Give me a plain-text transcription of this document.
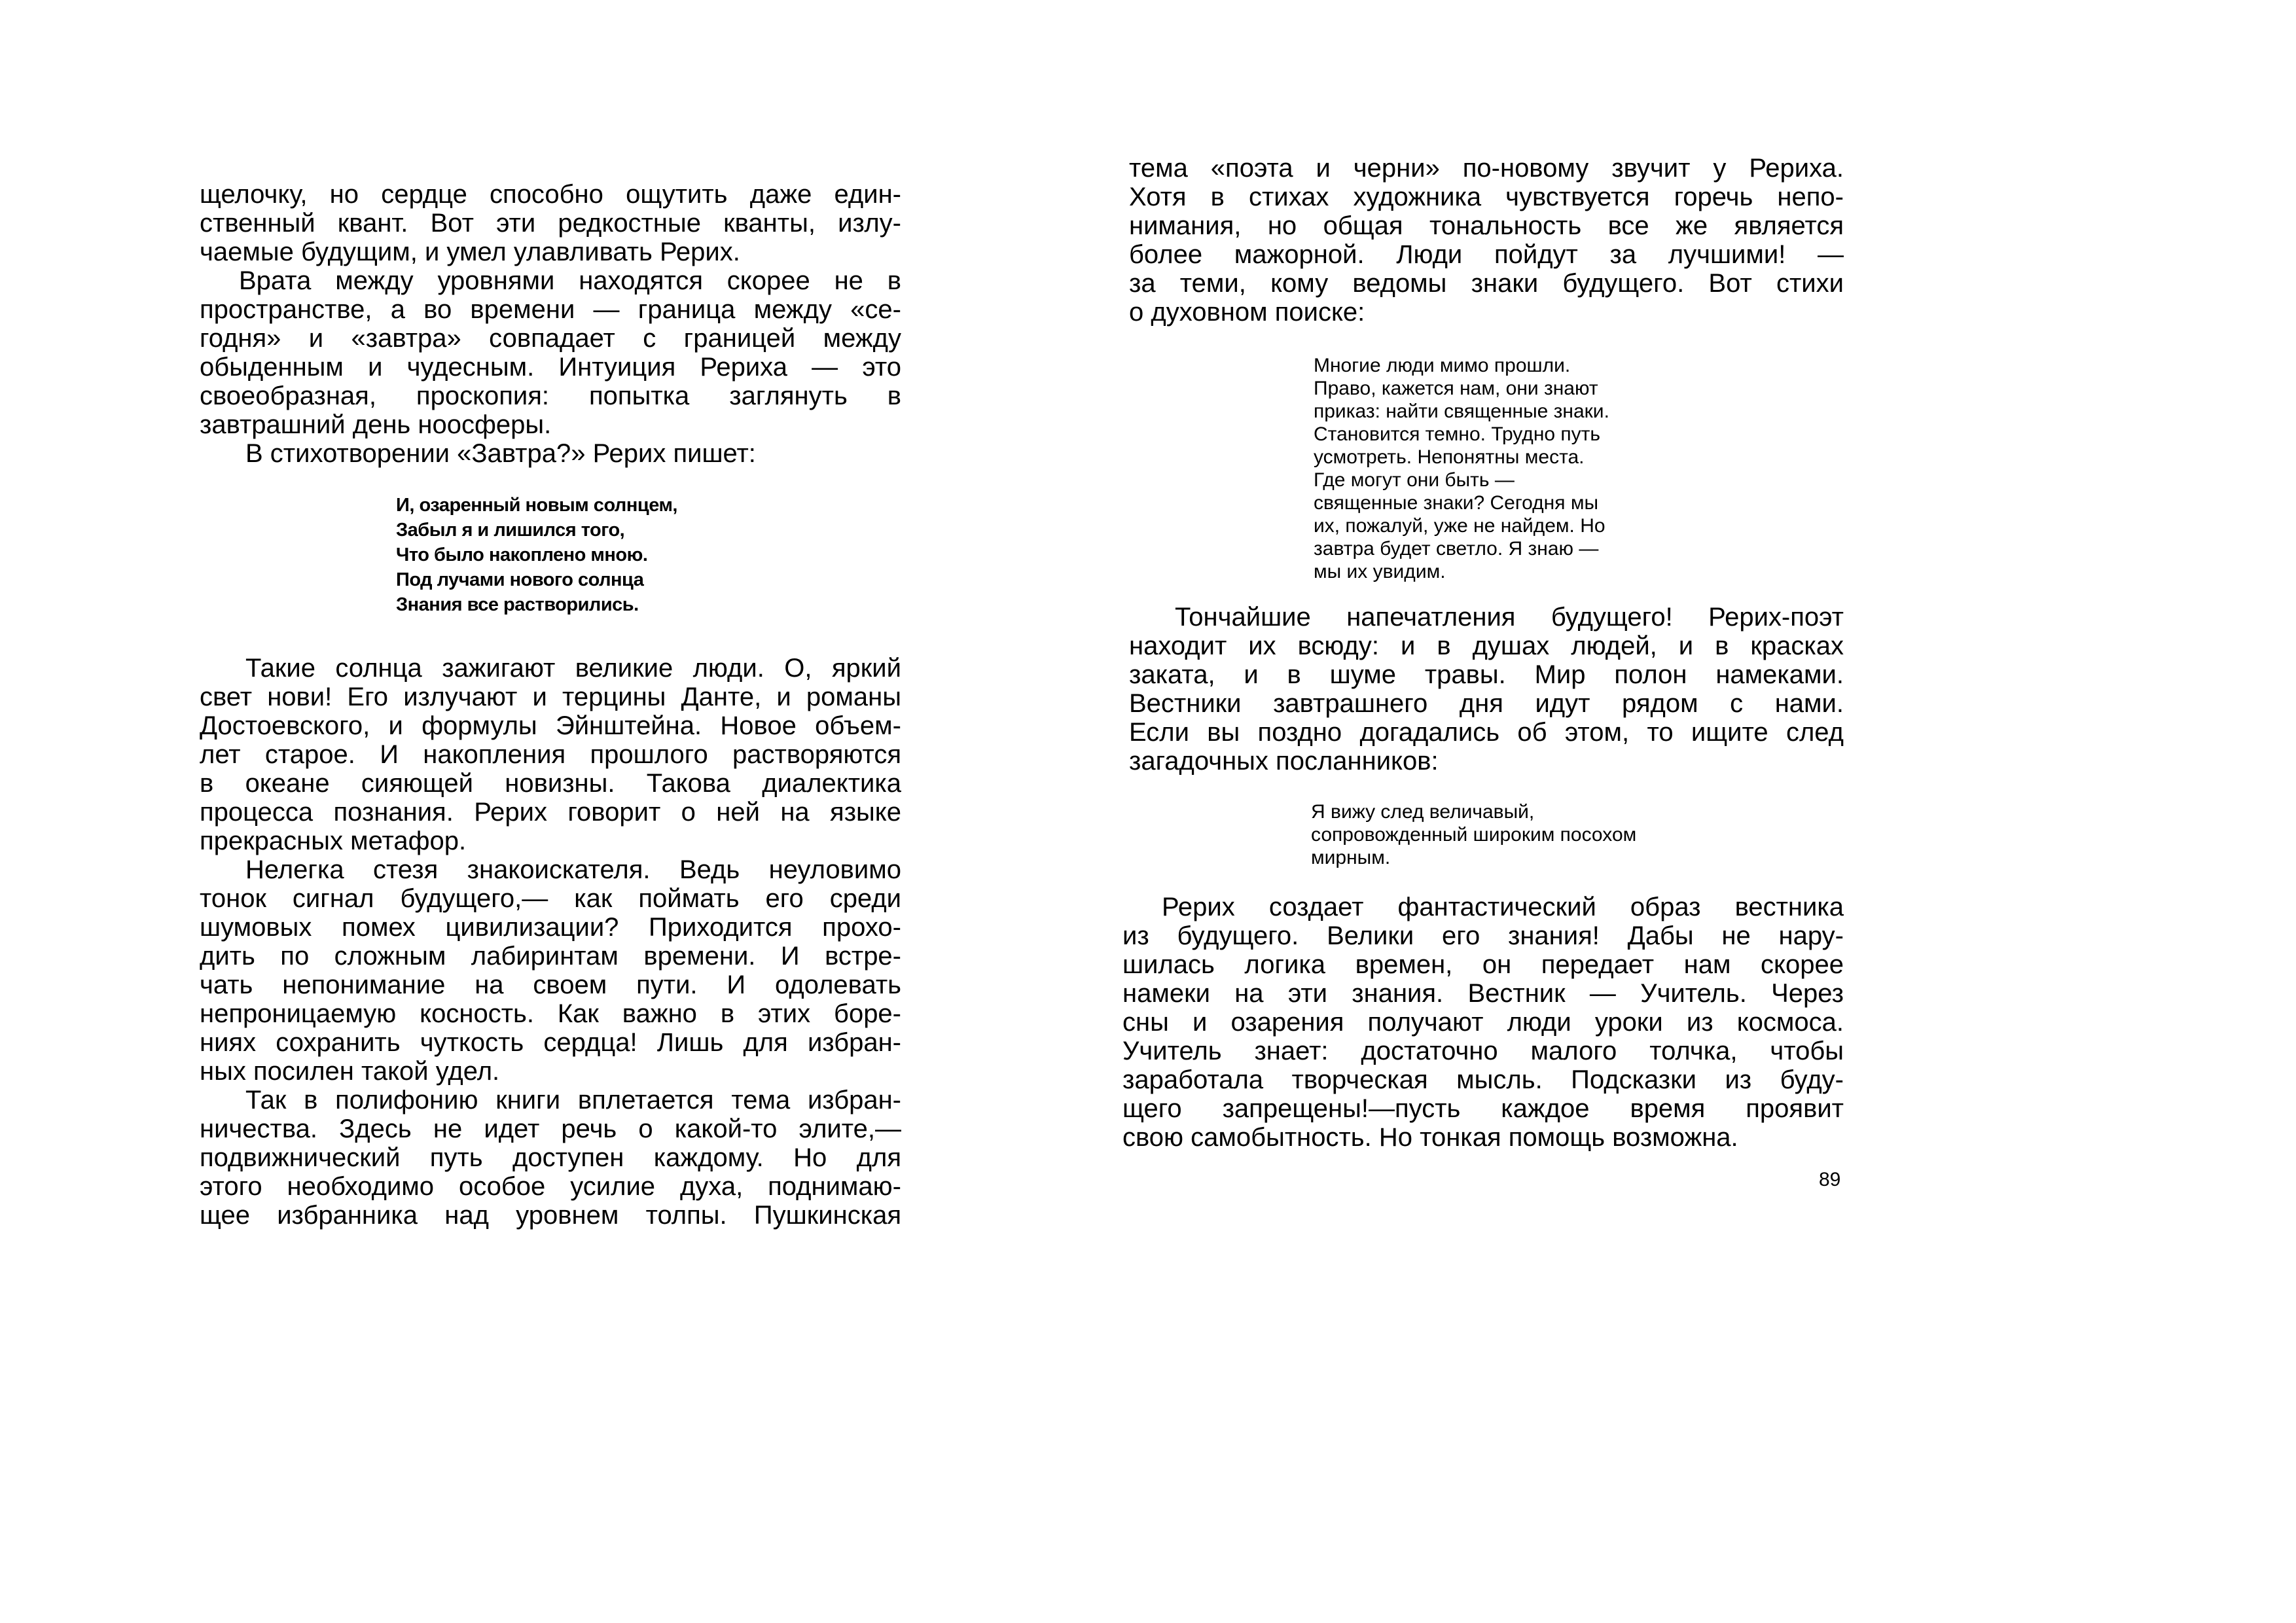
щелочку, но сердце способно ощутить даже един-
ственный квант. Вот эти редкостные кванты, излу-
чаемые будущим, и умел улавливать Рерих.
Врата между уровнями находятся скорее не в
пространстве, а во времени — граница между «се-
годня» и «завтра» совпадает с границей между
обыденным и чудесным. Интуиция Рериха — это
своеобразная, проскопия: попытка заглянуть в
завтрашний день ноосферы.
В стихотворении «Завтра?» Рерих пишет:
И, озаренный новым солнцем,
Забыл я и лишился того,
Что было накоплено мною.
Под лучами нового солнца
Знания все растворились.
Такие солнца зажигают великие люди. О, яркий
свет нови! Его излучают и терцины Данте, и романы
Достоевского, и формулы Эйнштейна. Новое объем-
лет старое. И накопления прошлого растворяются
в океане сияющей новизны. Такова диалектика
процесса познания. Рерих говорит о ней на языке
прекрасных метафор.
Нелегка стезя знакоискателя. Ведь неуловимо
тонок сигнал будущего,— как поймать его среди
шумовых помех цивилизации? Приходится прохо-
дить по сложным лабиринтам времени. И встре-
чать непонимание на своем пути. И одолевать
непроницаемую косность. Как важно в этих боре-
ниях сохранить чуткость сердца! Лишь для избран-
ных посилен такой удел.
Так в полифонию книги вплетается тема избран-
ничества. Здесь не идет речь о какой-то элите,—
подвижнический путь доступен каждому. Но для
этого необходимо особое усилие духа, поднимаю-
щее избранника над уровнем толпы. Пушкинская
тема «поэта и черни» по-новому звучит у Рериха.
Хотя в стихах художника чувствуется горечь непо-
нимания, но общая тональность все же является
более мажорной. Люди пойдут за лучшими! —
за теми, кому ведомы знаки будущего. Вот стихи
о духовном поиске:
Многие люди мимо прошли.
Право, кажется нам, они знают
приказ: найти священные знаки.
Становится темно. Трудно путь
усмотреть. Непонятны места.
Где могут они быть —
священные знаки? Сегодня мы
их, пожалуй, уже не найдем. Но
завтра будет светло. Я знаю —
мы их увидим.
Тончайшие напечатления будущего! Рерих-поэт
находит их всюду: и в душах людей, и в красках
заката, и в шуме травы. Мир полон намеками.
Вестники завтрашнего дня идут рядом с нами.
Если вы поздно догадались об этом, то ищите след
загадочных посланников:
Я вижу след величавый,
сопровожденный широким посохом
мирным.
Рерих создает фантастический образ вестника
из будущего. Велики его знания! Дабы не нару-
шилась логика времен, он передает нам скорее
намеки на эти знания. Вестник — Учитель. Через
сны и озарения получают люди уроки из космоса.
Учитель знает: достаточно малого толчка, чтобы
заработала творческая мысль. Подсказки из буду-
щего запрещены!—пусть каждое время проявит
свою самобытность. Но тонкая помощь возможна.
89
